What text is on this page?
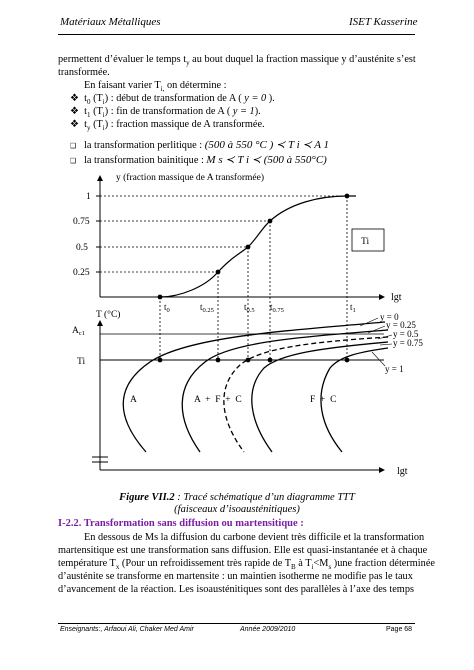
Matériaux Métalliques	ISET Kasserine
permettent d’évaluer le temps $t_y$ au bout duquel la fraction massique y d’austénite s’est
transformée.
En faisant varier $T_{i,}$ on détermine :
❖ $t_0$ $(T_i)$ : début de transformation de A ( y = 0 ).
❖ $t_1$ $(T_i)$ : fin de transformation de A ( y = 1).
❖ $t_y$ $(T_i)$ : fraction massique de A transformée.
❑ la transformation perlitique : (500 à 550 °C ) ≺ T i ≺ A 1
❑ la transformation bainitique : M s ≺ T i ≺ (500 à 550°C)
y (fraction massique de A transformée)
lgt
1
0.75
0.5
0.25
$t_0$	$t_{0.25}$	$t_{0.5}$ $t_{0.75}$	$t_1$
Ti
T (°C)
lgt
$A_{c1}$
Ti
y = 0
y = 0.25
y = 0.5
y = 0.75
y = 1
A	A  +  F  +  C	F  +  C
Figure VII.2 : Tracé schématique d’un diagramme TTT
(faisceaux d’isoausténitiques)
I-2.2. Transformation sans diffusion ou martensitique :
En dessous de Ms la diffusion du carbone devient très difficile et la transformation
martensitique est une transformation sans diffusion. Elle est quasi-instantanée et à chaque
température $T_x$ (Pour un refroidissement très rapide de $T_B$ à $T_i<M_s$ )une fraction déterminée
d’austénite se transforme en martensite : un maintien isotherme ne modifie pas le taux
d’avancement de la réaction. Les isoausténitiques sont des parallèles à l’axe des temps
Enseignants:, Arfaoui Ali, Chaker Med Amir	Année 2009/2010	Page 68
